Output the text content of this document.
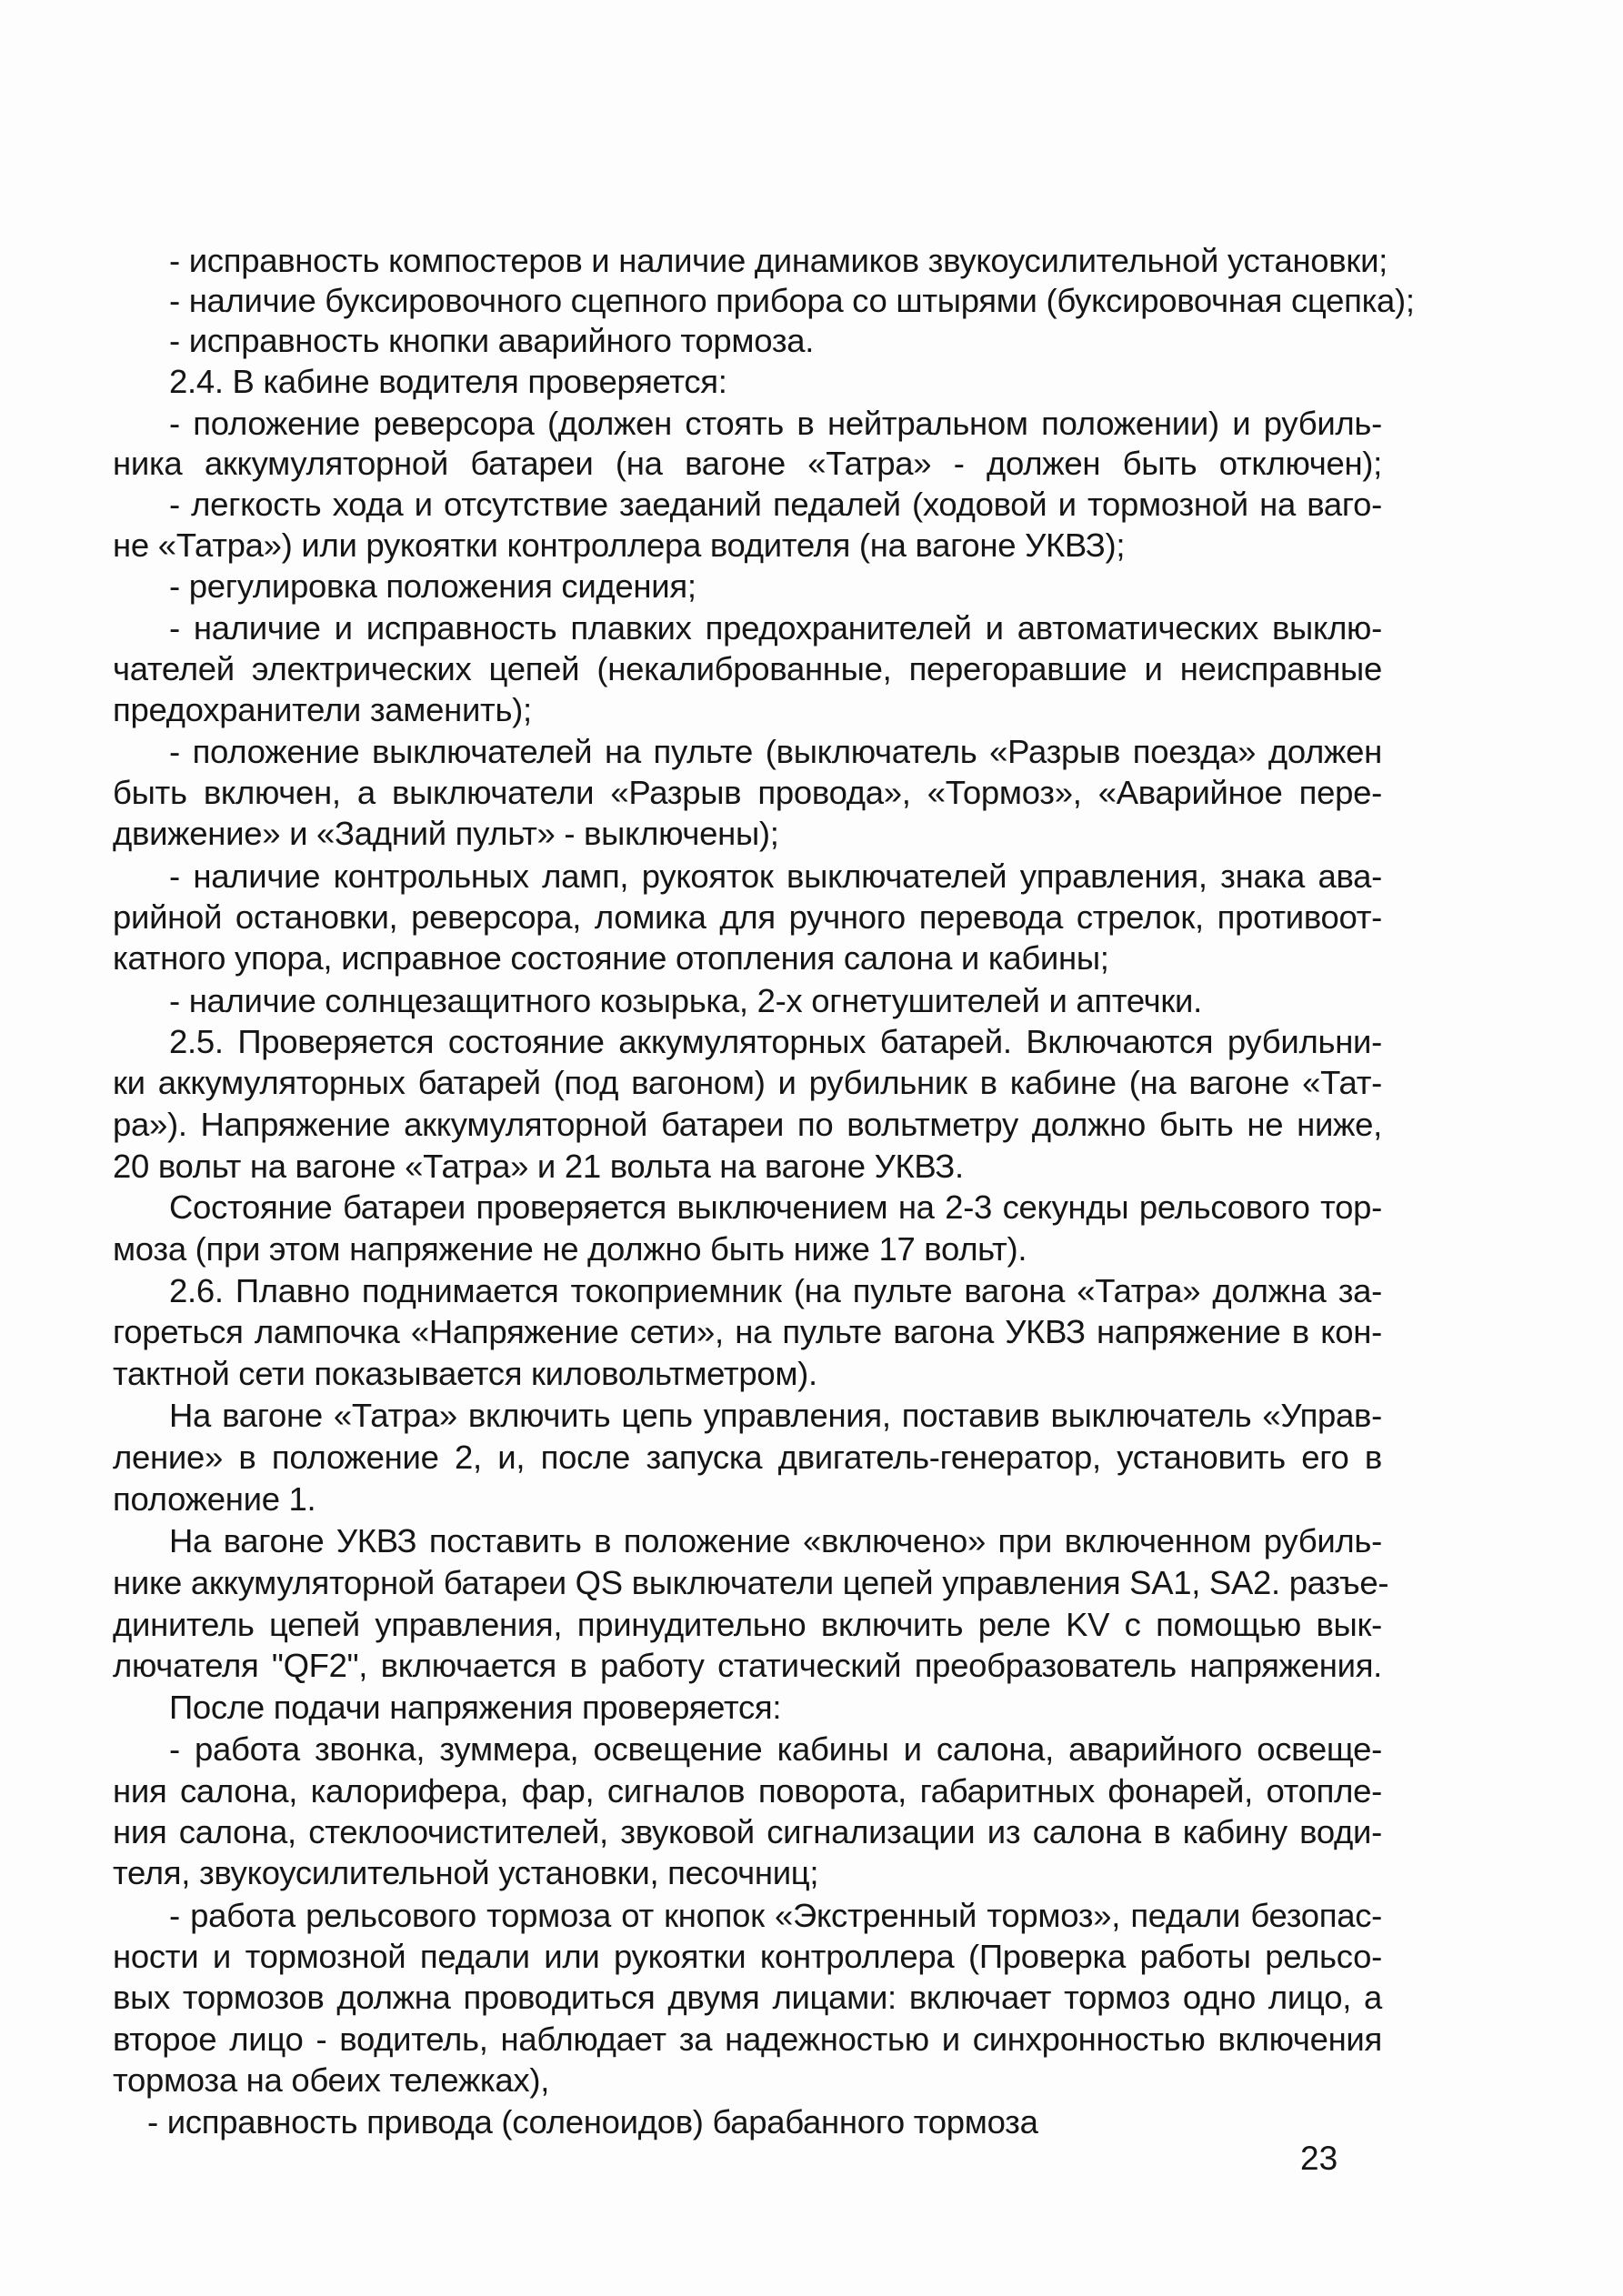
- исправность компостеров и наличие динамиков звукоусилительной установки;
- наличие буксировочного сцепного прибора со штырями (буксировочная сцепка);
- исправность кнопки аварийного тормоза.
2.4. В кабине водителя проверяется:
- положение реверсора (должен стоять в нейтральном положении) и рубиль-
ника аккумуляторной батареи (на вагоне «Татра» - должен быть отключен);
- легкость хода и отсутствие заеданий педалей (ходовой и тормозной на ваго-
не «Татра») или рукоятки контроллера водителя (на вагоне УКВЗ);
- регулировка положения сидения;
- наличие и исправность плавких предохранителей и автоматических выклю-
чателей электрических цепей (некалиброванные, перегоравшие и неисправные
предохранители заменить);
- положение выключателей на пульте (выключатель «Разрыв поезда» должен
быть включен, а выключатели «Разрыв провода», «Тормоз», «Аварийное пере-
движение» и «Задний пульт» - выключены);
- наличие контрольных ламп, рукояток выключателей управления, знака ава-
рийной остановки, реверсора, ломика для ручного перевода стрелок, противоот-
катного упора, исправное состояние отопления салона и кабины;
- наличие солнцезащитного козырька, 2-х огнетушителей и аптечки.
2.5. Проверяется состояние аккумуляторных батарей. Включаются рубильни-
ки аккумуляторных батарей (под вагоном) и рубильник в кабине (на вагоне «Тат-
ра»). Напряжение аккумуляторной батареи по вольтметру должно быть не ниже,
20 вольт на вагоне «Татра» и 21 вольта на вагоне УКВЗ.
Состояние батареи проверяется выключением на 2-3 секунды рельсового тор-
моза (при этом напряжение не должно быть ниже 17 вольт).
2.6. Плавно поднимается токоприемник (на пульте вагона «Татра» должна за-
гореться лампочка «Напряжение сети», на пульте вагона УКВЗ напряжение в кон-
тактной сети показывается киловольтметром).
На вагоне «Татра» включить цепь управления, поставив выключатель «Управ-
ление» в положение 2, и, после запуска двигатель-генератор, установить его в
положение 1.
На вагоне УКВЗ поставить в положение «включено» при включенном рубиль-
нике аккумуляторной батареи QS выключатели цепей управления SA1, SA2. разъе-
динитель цепей управления, принудительно включить реле KV с помощью вык-
лючателя "QF2", включается в работу статический преобразователь напряжения.
После подачи напряжения проверяется:
- работа звонка, зуммера, освещение кабины и салона, аварийного освеще-
ния салона, калорифера, фар, сигналов поворота, габаритных фонарей, отопле-
ния салона, стеклоочистителей, звуковой сигнализации из салона в кабину води-
теля, звукоусилительной установки, песочниц;
- работа рельсового тормоза от кнопок «Экстренный тормоз», педали безопас-
ности и тормозной педали или рукоятки контроллера (Проверка работы рельсо-
вых тормозов должна проводиться двумя лицами: включает тормоз одно лицо, а
второе лицо - водитель, наблюдает за надежностью и синхронностью включения
тормоза на обеих тележках),
- исправность привода (соленоидов) барабанного тормоза
23
